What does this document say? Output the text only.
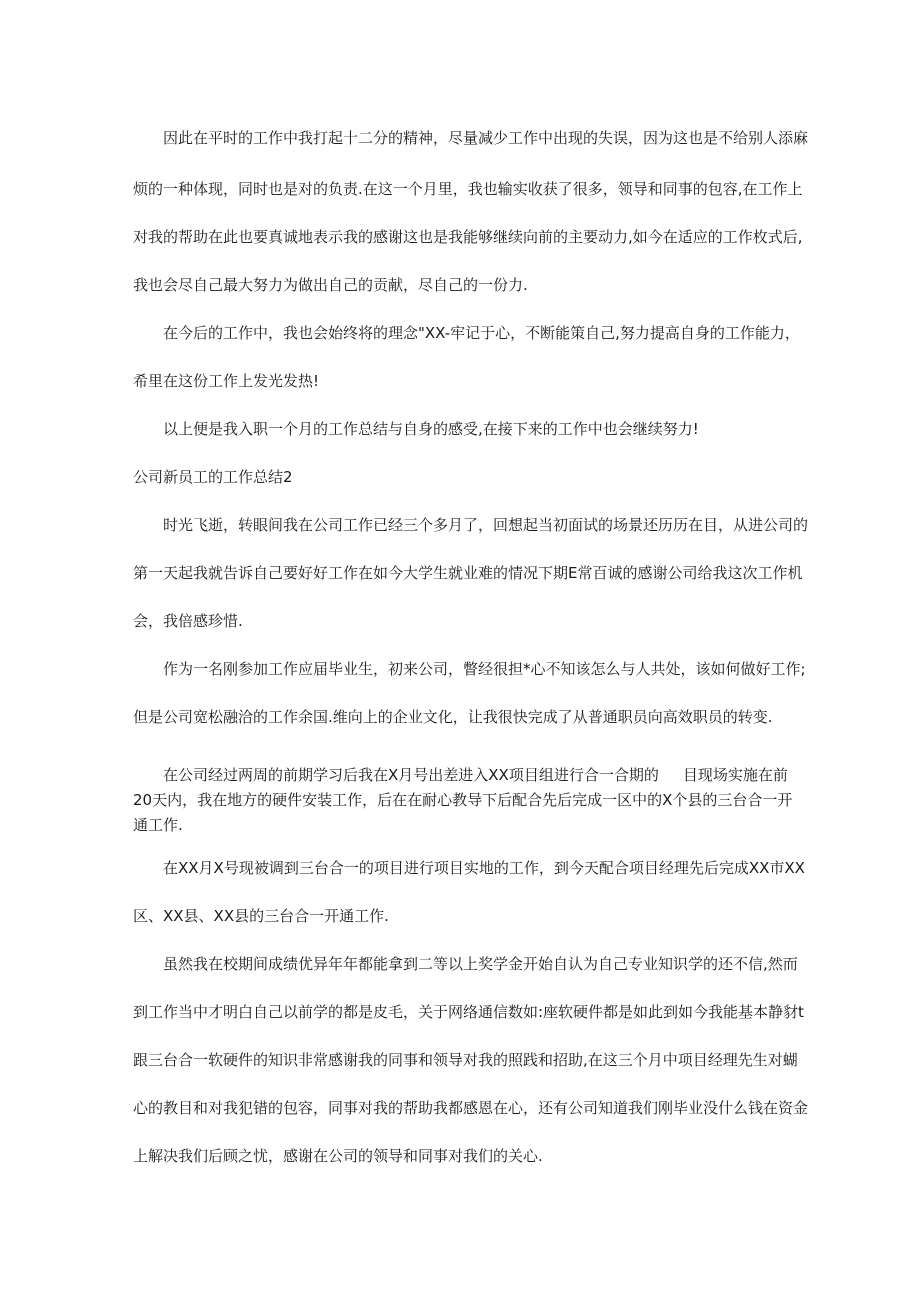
因此在平时的工作中我打起十二分的精神，尽量减少工作中出现的失误，因为这也是不给别人添麻
烦的一种体现，同时也是对的负责.在这一个月里，我也输实收获了很多，领导和同事的包容,在工作上
对我的帮助在此也要真诚地表示我的感谢这也是我能够继续向前的主要动力,如今在适应的工作枚式后,
我也会尽自己最大努力为做出自己的贡献，尽自己的一份力.
在今后的工作中，我也会始终将的理念"XX-牢记于心，不断能策自己,努力提高自身的工作能力，
希里在这份工作上发光发热!
以上便是我入职一个月的工作总结与自身的感受,在接下来的工作中也会继续努力!
公司新员工的工作总结2
时光飞逝，转眼间我在公司工作已经三个多月了，回想起当初面试的场景还历历在目，从进公司的
第一天起我就告诉自己要好好工作在如今大学生就业难的情况下期E常百诚的感谢公司给我这次工作机
会，我倍感珍惜.
作为一名刚参加工作应届毕业生，初来公司，瞥经很担*心不知该怎么与人共处，该如何做好工作;
但是公司宽松融洽的工作余国.维向上的企业文化，让我很快完成了从普通职员向高效职员的转变.
在公司经过两周的前期学习后我在X月号出差进入XX项目组进行合一合期的 目现场实施在前
20天内，我在地方的硬件安装工作，后在在耐心教导下后配合先后完成一区中的X个县的三台合一开
通工作.
在XX月X号现被调到三台合一的项目进行项目实地的工作，到今天配合项目经理先后完成XX市XX
区、XX县、XX县的三台合一开通工作.
虽然我在校期间成绩优异年年都能拿到二等以上奖学金开始自认为自己专业知识学的还不信,然而
到工作当中才明白自己以前学的都是皮毛，关于网络通信数如:座软硬件都是如此到如今我能基本静豺t
跟三台合一软硬件的知识非常感谢我的同事和领导对我的照践和招助,在这三个月中项目经理先生对蝴
心的教目和对我犯错的包容，同事对我的帮助我都感恩在心，还有公司知道我们刚毕业没什么钱在资金
上解决我们后顾之忧，感谢在公司的领导和同事对我们的关心.
